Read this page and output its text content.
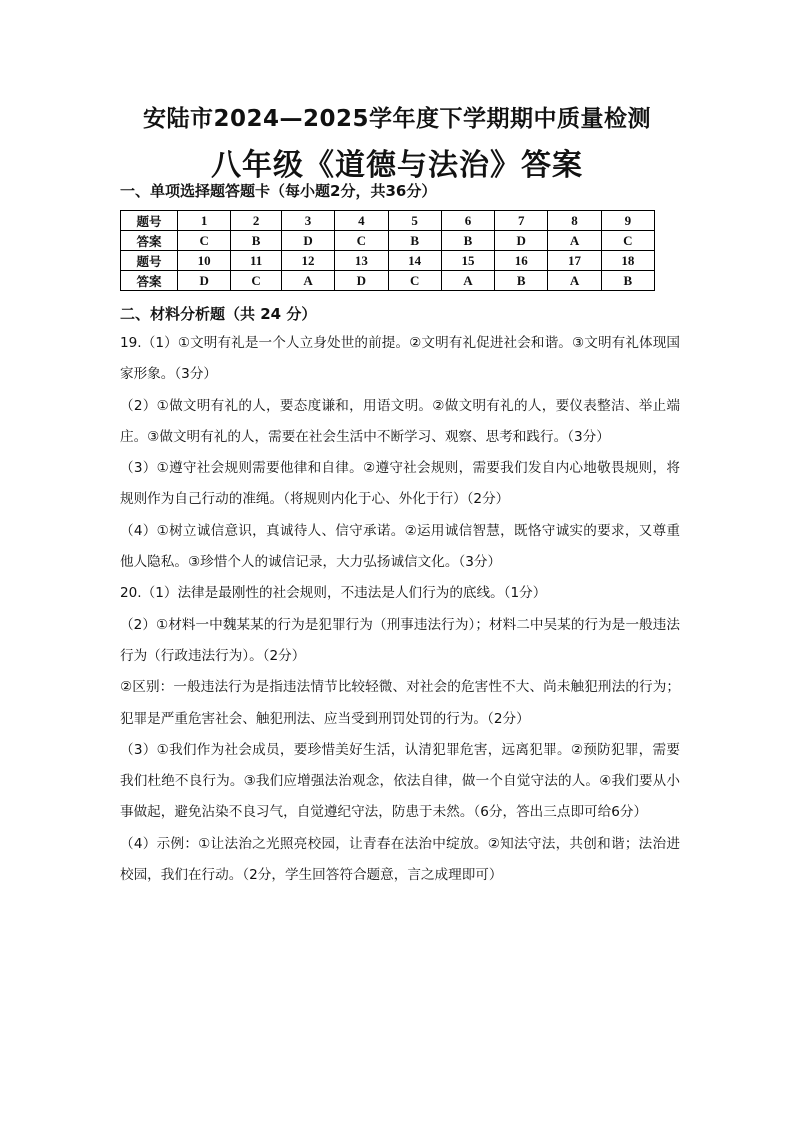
安陆市2024—2025学年度下学期期中质量检测
八年级《道德与法治》答案
一、单项选择题答题卡（每小题2分，共36分）
题号	1	2	3	4	5	6	7	8	9
答案	C	B	D	C	B	B	D	A	C
题号	10	11	12	13	14	15	16	17	18
答案	D	C	A	D	C	A	B	A	B
二、材料分析题（共 24 分）

19.（1）①文明有礼是一个人立身处世的前提。②文明有礼促进社会和谐。③文明有礼体现国家形象。（3分）

（2）①做文明有礼的人，要态度谦和，用语文明。②做文明有礼的人，要仪表整洁、举止端庄。③做文明有礼的人，需要在社会生活中不断学习、观察、思考和践行。（3分）

（3）①遵守社会规则需要他律和自律。②遵守社会规则，需要我们发自内心地敬畏规则，将规则作为自己行动的准绳。（将规则内化于心、外化于行）（2分）

（4）①树立诚信意识，真诚待人、信守承诺。②运用诚信智慧，既恪守诚实的要求，又尊重他人隐私。③珍惜个人的诚信记录，大力弘扬诚信文化。（3分）

20.（1）法律是最刚性的社会规则，不违法是人们行为的底线。（1分）

（2）①材料一中魏某某的行为是犯罪行为（刑事违法行为）；材料二中吴某的行为是一般违法行为（行政违法行为）。（2分）

②区别：一般违法行为是指违法情节比较轻微、对社会的危害性不大、尚未触犯刑法的行为；犯罪是严重危害社会、触犯刑法、应当受到刑罚处罚的行为。（2分）

（3）①我们作为社会成员，要珍惜美好生活，认清犯罪危害，远离犯罪。②预防犯罪，需要我们杜绝不良行为。③我们应增强法治观念，依法自律，做一个自觉守法的人。④我们要从小事做起，避免沾染不良习气，自觉遵纪守法，防患于未然。（6分，答出三点即可给6分）

（4）示例：①让法治之光照亮校园，让青春在法治中绽放。②知法守法，共创和谐；法治进校园，我们在行动。（2分，学生回答符合题意，言之成理即可）
